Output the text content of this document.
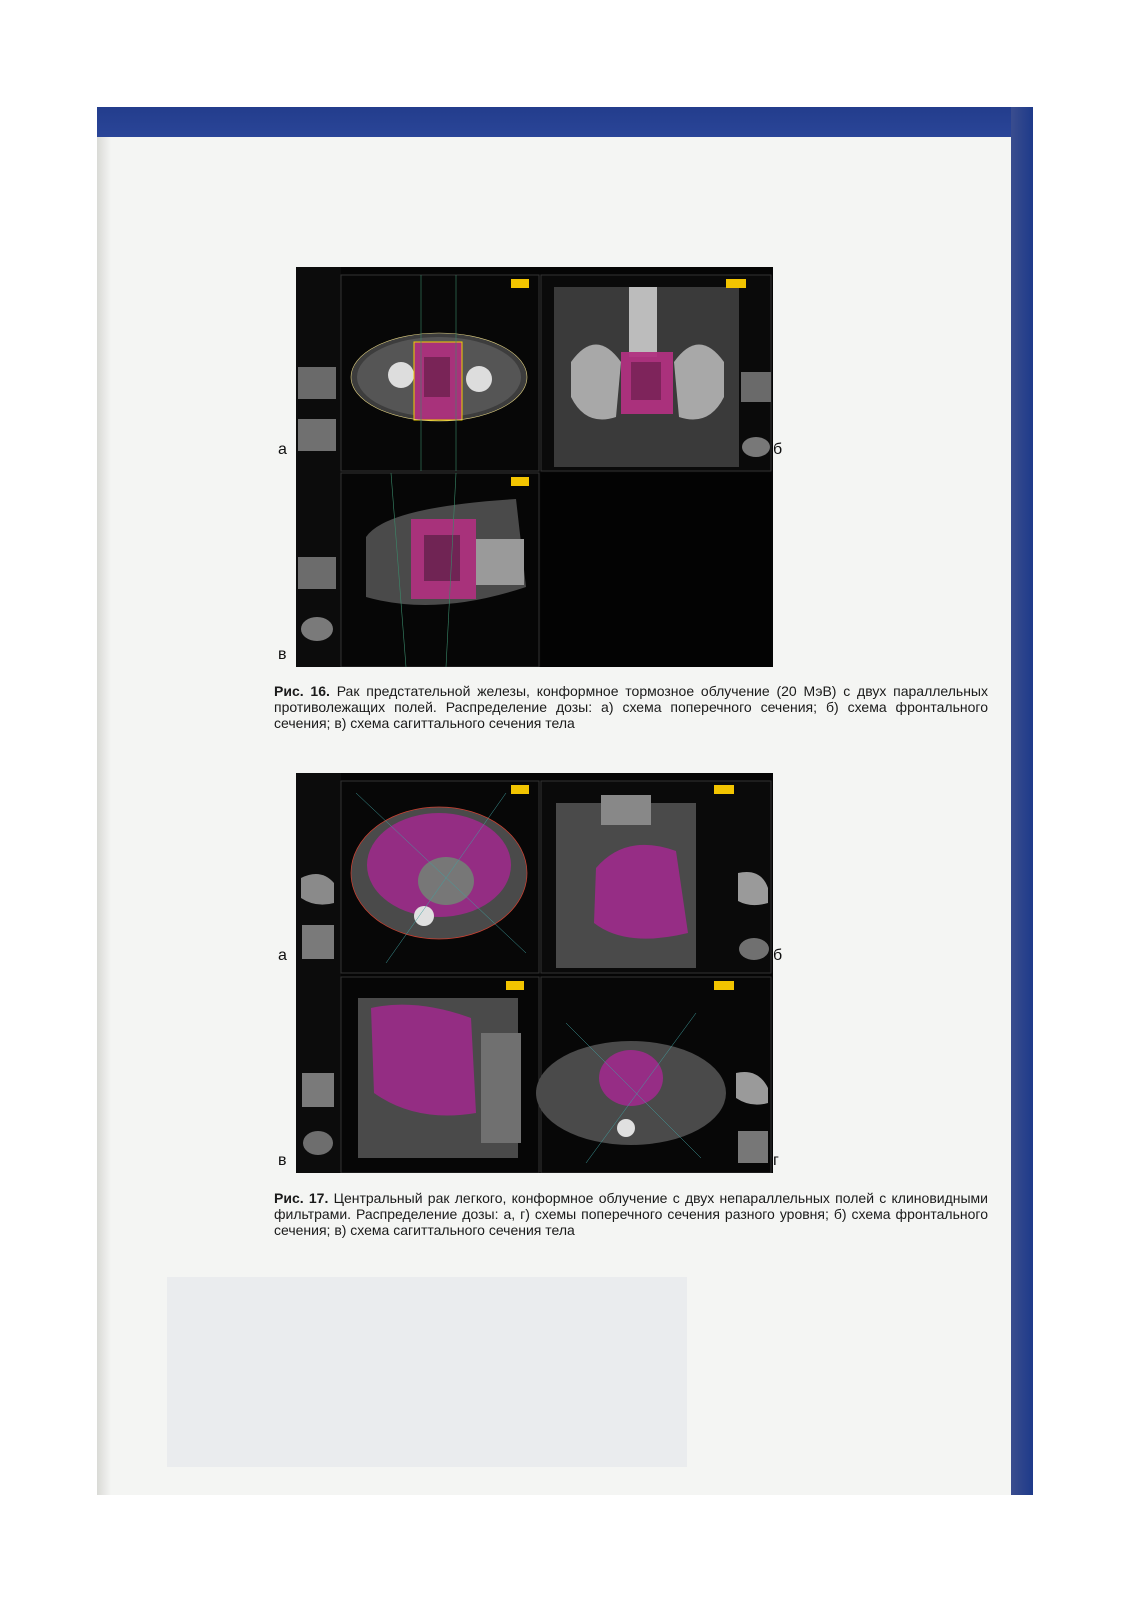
а	б
в
Рис. 16. Рак предстательной железы, конформное тормозное облучение (20 МэВ) с двух параллельных противолежащих полей. Распределение дозы: а) схема поперечного сечения; б) схема фронтального сечения; в) схема сагиттального сечения тела
а	б
в	г
Рис. 17. Центральный рак легкого, конформное облучение с двух непараллельных полей с клиновидными фильтрами. Распределение дозы: а, г) схемы поперечного сечения разного уровня; б) схема фронтального сечения; в) схема сагиттального сечения тела
